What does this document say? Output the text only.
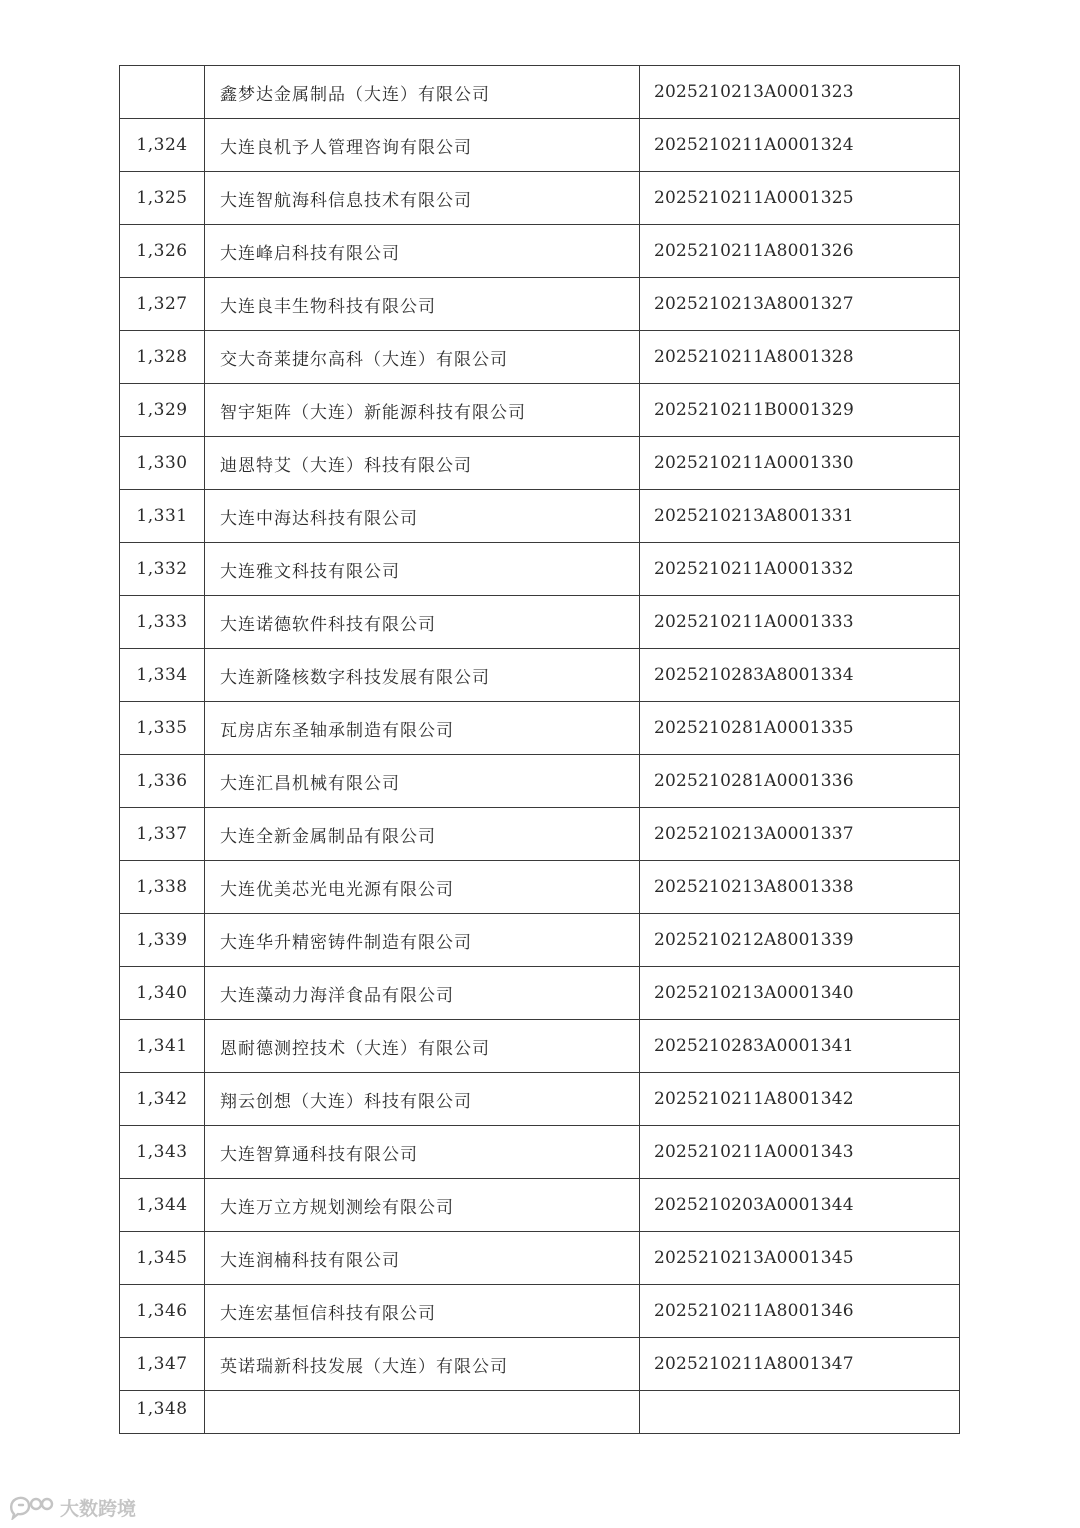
	鑫梦达金属制品（大连）有限公司	2025210213A0001323
1,324	大连良机予人管理咨询有限公司	2025210211A0001324
1,325	大连智航海科信息技术有限公司	2025210211A0001325
1,326	大连峰启科技有限公司	2025210211A8001326
1,327	大连良丰生物科技有限公司	2025210213A8001327
1,328	交大奇莱捷尔高科（大连）有限公司	2025210211A8001328
1,329	智宇矩阵（大连）新能源科技有限公司	2025210211B0001329
1,330	迪恩特艾（大连）科技有限公司	2025210211A0001330
1,331	大连中海达科技有限公司	2025210213A8001331
1,332	大连雅文科技有限公司	2025210211A0001332
1,333	大连诺德软件科技有限公司	2025210211A0001333
1,334	大连新隆核数字科技发展有限公司	2025210283A8001334
1,335	瓦房店东圣轴承制造有限公司	2025210281A0001335
1,336	大连汇昌机械有限公司	2025210281A0001336
1,337	大连全新金属制品有限公司	2025210213A0001337
1,338	大连优美芯光电光源有限公司	2025210213A8001338
1,339	大连华升精密铸件制造有限公司	2025210212A8001339
1,340	大连藻动力海洋食品有限公司	2025210213A0001340
1,341	恩耐德测控技术（大连）有限公司	2025210283A0001341
1,342	翔云创想（大连）科技有限公司	2025210211A8001342
1,343	大连智算通科技有限公司	2025210211A0001343
1,344	大连万立方规划测绘有限公司	2025210203A0001344
1,345	大连润楠科技有限公司	2025210213A0001345
1,346	大连宏基恒信科技有限公司	2025210211A8001346
1,347	英诺瑞新科技发展（大连）有限公司	2025210211A8001347
1,348		
大数跨境
